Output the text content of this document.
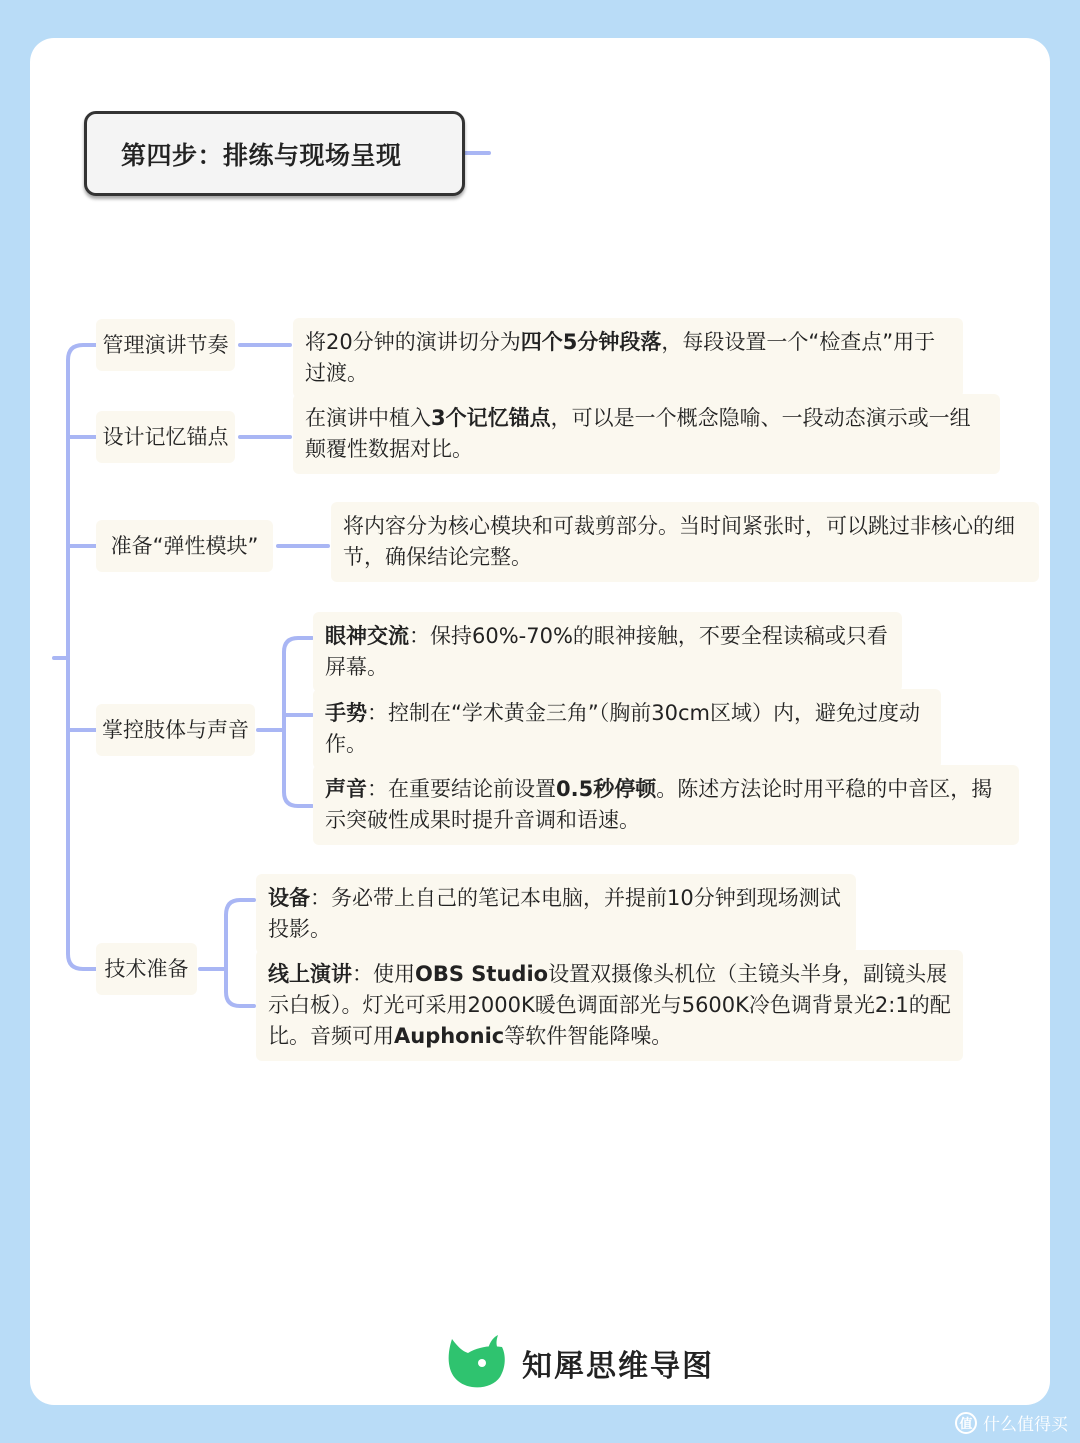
第四步：排练与现场呈现
管理演讲节奏
设计记忆锚点
准备“弹性模块”
掌控肢体与声音
技术准备
将20分钟的演讲切分为四个5分钟段落，每段设置一个“检查点”用于过渡。
在演讲中植入3个记忆锚点，可以是一个概念隐喻、一段动态演示或一组颠覆性数据对比。
将内容分为核心模块和可裁剪部分。当时间紧张时，可以跳过非核心的细节，确保结论完整。
眼神交流：保持60%-70%的眼神接触，不要全程读稿或只看屏幕。
手势：控制在“学术黄金三角”（胸前30cm区域）内，避免过度动作。
声音：在重要结论前设置0.5秒停顿。陈述方法论时用平稳的中音区，揭示突破性成果时提升音调和语速。
设备：务必带上自己的笔记本电脑，并提前10分钟到现场测试投影。
线上演讲：使用OBS Studio设置双摄像头机位（主镜头半身，副镜头展示白板）。灯光可采用2000K暖色调面部光与5600K冷色调背景光2:1的配比。音频可用Auphonic等软件智能降噪。
知犀思维导图
值 什么值得买
